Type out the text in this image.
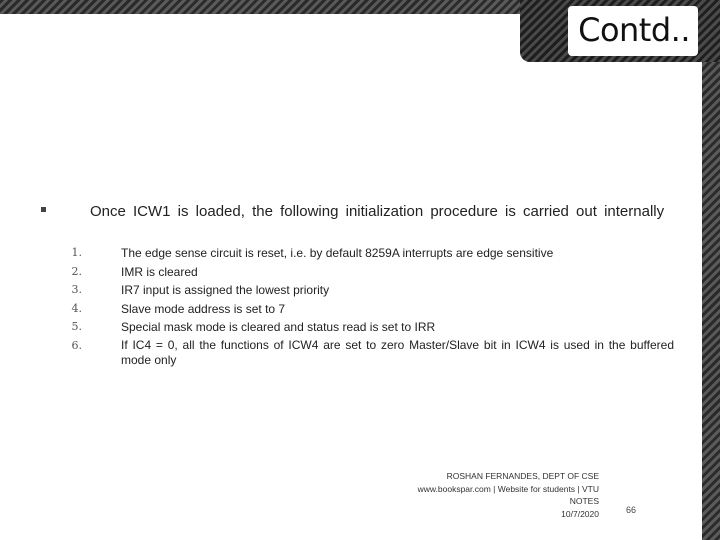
Contd..
Once ICW1 is loaded, the following initialization procedure is carried out internally
1.	The edge sense circuit is reset, i.e. by default 8259A interrupts are edge sensitive
2.	IMR is cleared
3.	IR7 input is assigned the lowest priority
4.	Slave mode address is set to 7
5.	Special mask mode is cleared and status read is set to IRR
6.	If IC4 = 0, all the functions of ICW4 are set to zero Master/Slave bit in ICW4 is used in the buffered mode only
ROSHAN FERNANDES, DEPT OF CSE
www.bookspar.com | Website for students | VTU
NOTES
10/7/2020	66
